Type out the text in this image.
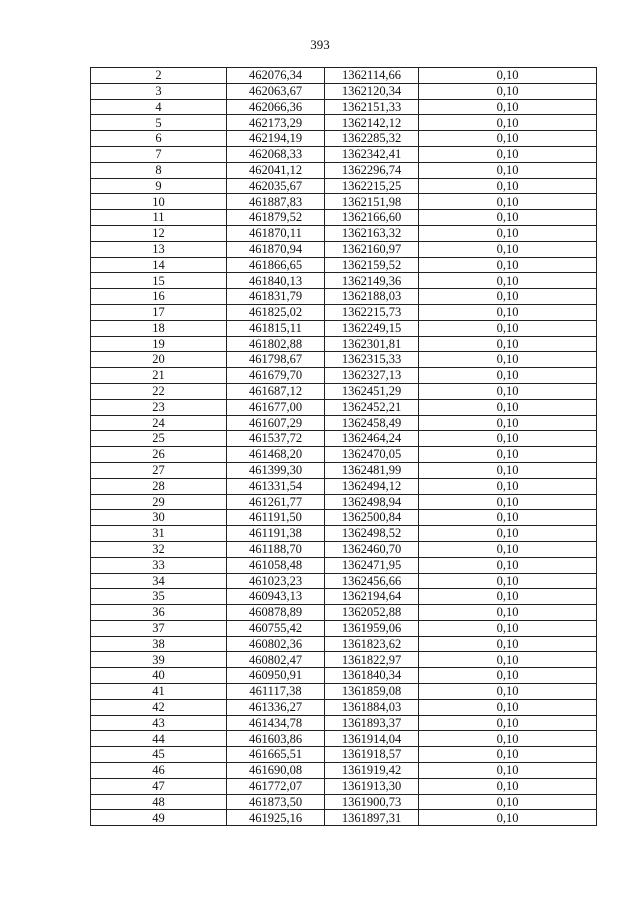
393
2	462076,34	1362114,66	0,10
3	462063,67	1362120,34	0,10
4	462066,36	1362151,33	0,10
5	462173,29	1362142,12	0,10
6	462194,19	1362285,32	0,10
7	462068,33	1362342,41	0,10
8	462041,12	1362296,74	0,10
9	462035,67	1362215,25	0,10
10	461887,83	1362151,98	0,10
11	461879,52	1362166,60	0,10
12	461870,11	1362163,32	0,10
13	461870,94	1362160,97	0,10
14	461866,65	1362159,52	0,10
15	461840,13	1362149,36	0,10
16	461831,79	1362188,03	0,10
17	461825,02	1362215,73	0,10
18	461815,11	1362249,15	0,10
19	461802,88	1362301,81	0,10
20	461798,67	1362315,33	0,10
21	461679,70	1362327,13	0,10
22	461687,12	1362451,29	0,10
23	461677,00	1362452,21	0,10
24	461607,29	1362458,49	0,10
25	461537,72	1362464,24	0,10
26	461468,20	1362470,05	0,10
27	461399,30	1362481,99	0,10
28	461331,54	1362494,12	0,10
29	461261,77	1362498,94	0,10
30	461191,50	1362500,84	0,10
31	461191,38	1362498,52	0,10
32	461188,70	1362460,70	0,10
33	461058,48	1362471,95	0,10
34	461023,23	1362456,66	0,10
35	460943,13	1362194,64	0,10
36	460878,89	1362052,88	0,10
37	460755,42	1361959,06	0,10
38	460802,36	1361823,62	0,10
39	460802,47	1361822,97	0,10
40	460950,91	1361840,34	0,10
41	461117,38	1361859,08	0,10
42	461336,27	1361884,03	0,10
43	461434,78	1361893,37	0,10
44	461603,86	1361914,04	0,10
45	461665,51	1361918,57	0,10
46	461690,08	1361919,42	0,10
47	461772,07	1361913,30	0,10
48	461873,50	1361900,73	0,10
49	461925,16	1361897,31	0,10
